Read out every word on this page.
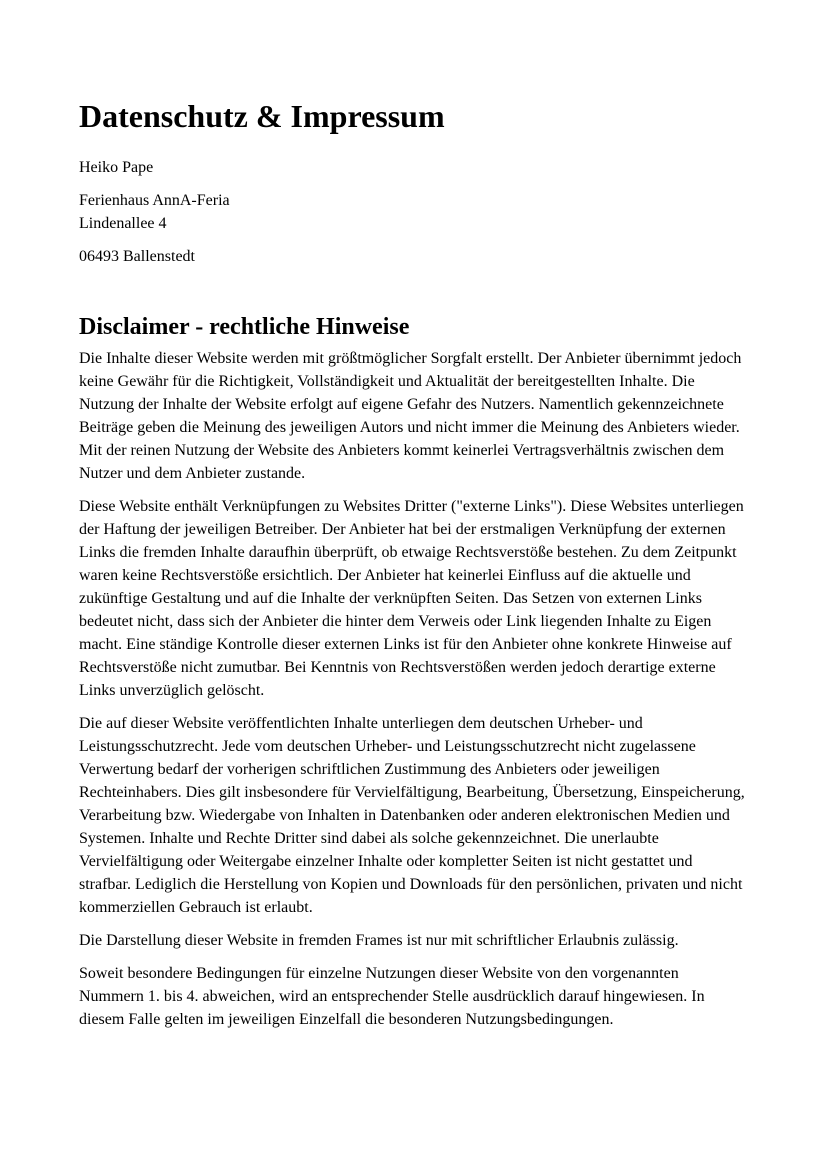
Datenschutz & Impressum

Heiko Pape

Ferienhaus AnnA-Feria
Lindenallee 4

06493 Ballenstedt

Disclaimer - rechtliche Hinweise

Die Inhalte dieser Website werden mit größtmöglicher Sorgfalt erstellt. Der Anbieter übernimmt jedoch keine Gewähr für die Richtigkeit, Vollständigkeit und Aktualität der bereitgestellten Inhalte. Die Nutzung der Inhalte der Website erfolgt auf eigene Gefahr des Nutzers. Namentlich gekennzeichnete Beiträge geben die Meinung des jeweiligen Autors und nicht immer die Meinung des Anbieters wieder. Mit der reinen Nutzung der Website des Anbieters kommt keinerlei Vertragsverhältnis zwischen dem Nutzer und dem Anbieter zustande.

Diese Website enthält Verknüpfungen zu Websites Dritter ("externe Links"). Diese Websites unterliegen der Haftung der jeweiligen Betreiber. Der Anbieter hat bei der erstmaligen Verknüpfung der externen Links die fremden Inhalte daraufhin überprüft, ob etwaige Rechtsverstöße bestehen. Zu dem Zeitpunkt waren keine Rechtsverstöße ersichtlich. Der Anbieter hat keinerlei Einfluss auf die aktuelle und zukünftige Gestaltung und auf die Inhalte der verknüpften Seiten. Das Setzen von externen Links bedeutet nicht, dass sich der Anbieter die hinter dem Verweis oder Link liegenden Inhalte zu Eigen macht. Eine ständige Kontrolle dieser externen Links ist für den Anbieter ohne konkrete Hinweise auf Rechtsverstöße nicht zumutbar. Bei Kenntnis von Rechtsverstößen werden jedoch derartige externe Links unverzüglich gelöscht.

Die auf dieser Website veröffentlichten Inhalte unterliegen dem deutschen Urheber- und Leistungsschutzrecht. Jede vom deutschen Urheber- und Leistungsschutzrecht nicht zugelassene Verwertung bedarf der vorherigen schriftlichen Zustimmung des Anbieters oder jeweiligen Rechteinhabers. Dies gilt insbesondere für Vervielfältigung, Bearbeitung, Übersetzung, Einspeicherung, Verarbeitung bzw. Wiedergabe von Inhalten in Datenbanken oder anderen elektronischen Medien und Systemen. Inhalte und Rechte Dritter sind dabei als solche gekennzeichnet. Die unerlaubte Vervielfältigung oder Weitergabe einzelner Inhalte oder kompletter Seiten ist nicht gestattet und strafbar. Lediglich die Herstellung von Kopien und Downloads für den persönlichen, privaten und nicht kommerziellen Gebrauch ist erlaubt.

Die Darstellung dieser Website in fremden Frames ist nur mit schriftlicher Erlaubnis zulässig.

Soweit besondere Bedingungen für einzelne Nutzungen dieser Website von den vorgenannten Nummern 1. bis 4. abweichen, wird an entsprechender Stelle ausdrücklich darauf hingewiesen. In diesem Falle gelten im jeweiligen Einzelfall die besonderen Nutzungsbedingungen.
